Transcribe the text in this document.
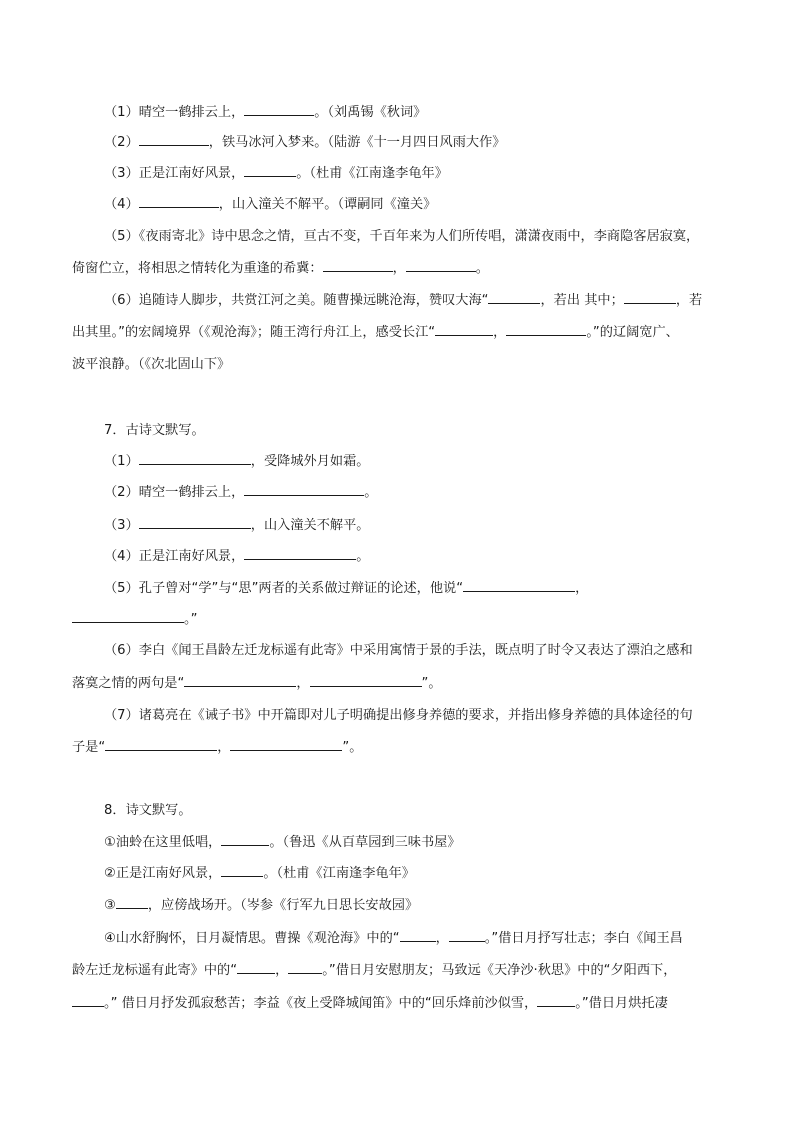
（1）晴空一鹤排云上，	。（刘禹锡《秋词》
（2）	，铁马冰河入梦来。（陆游《十一月四日风雨大作》
（3）正是江南好风景，	。（杜甫《江南逢李龟年》
（4）	，山入潼关不解平。（谭嗣同《潼关》
（5）《夜雨寄北》诗中思念之情，亘古不变，千百年来为人们所传唱，潇潇夜雨中，李商隐客居寂寞，
倚窗伫立，将相思之情转化为重逢的希冀：	，	。
（6）追随诗人脚步，共赏江河之美。随曹操远眺沧海，赞叹大海“	，若出 其中；	，若
出其里。”的宏阔境界（《观沧海》；随王湾行舟江上，感受长江“	，	。”的辽阔宽广、
波平浪静。（《次北固山下》
7．古诗文默写。
（1）	，受降城外月如霜。
（2）晴空一鹤排云上，	。
（3）	，山入潼关不解平。
（4）正是江南好风景，	。
（5）孔子曾对“学”与“思”两者的关系做过辩证的论述，他说“	，
。”
（6）李白《闻王昌龄左迁龙标遥有此寄》中采用寓情于景的手法，既点明了时令又表达了漂泊之感和
落寞之情的两句是“	，	”。
（7）诸葛亮在《诫子书》中开篇即对儿子明确提出修身养德的要求，并指出修身养德的具体途径的句
子是“	，	”。
8．诗文默写。
①油蛉在这里低唱，	。（鲁迅《从百草园到三味书屋》
②正是江南好风景，	。（杜甫《江南逢李龟年》
③ ，应傍战场开。（岑参《行军九日思长安故园》
④山水舒胸怀，日月凝情思。曹操《观沧海》中的“	，	。”借日月抒写壮志；李白《闻王昌
龄左迁龙标遥有此寄》中的“	，	。”借日月安慰朋友；马致远《天净沙·秋思》中的“夕阳西下，
。” 借日月抒发孤寂愁苦；李益《夜上受降城闻笛》中的“回乐烽前沙似雪，	。”借日月烘托凄
